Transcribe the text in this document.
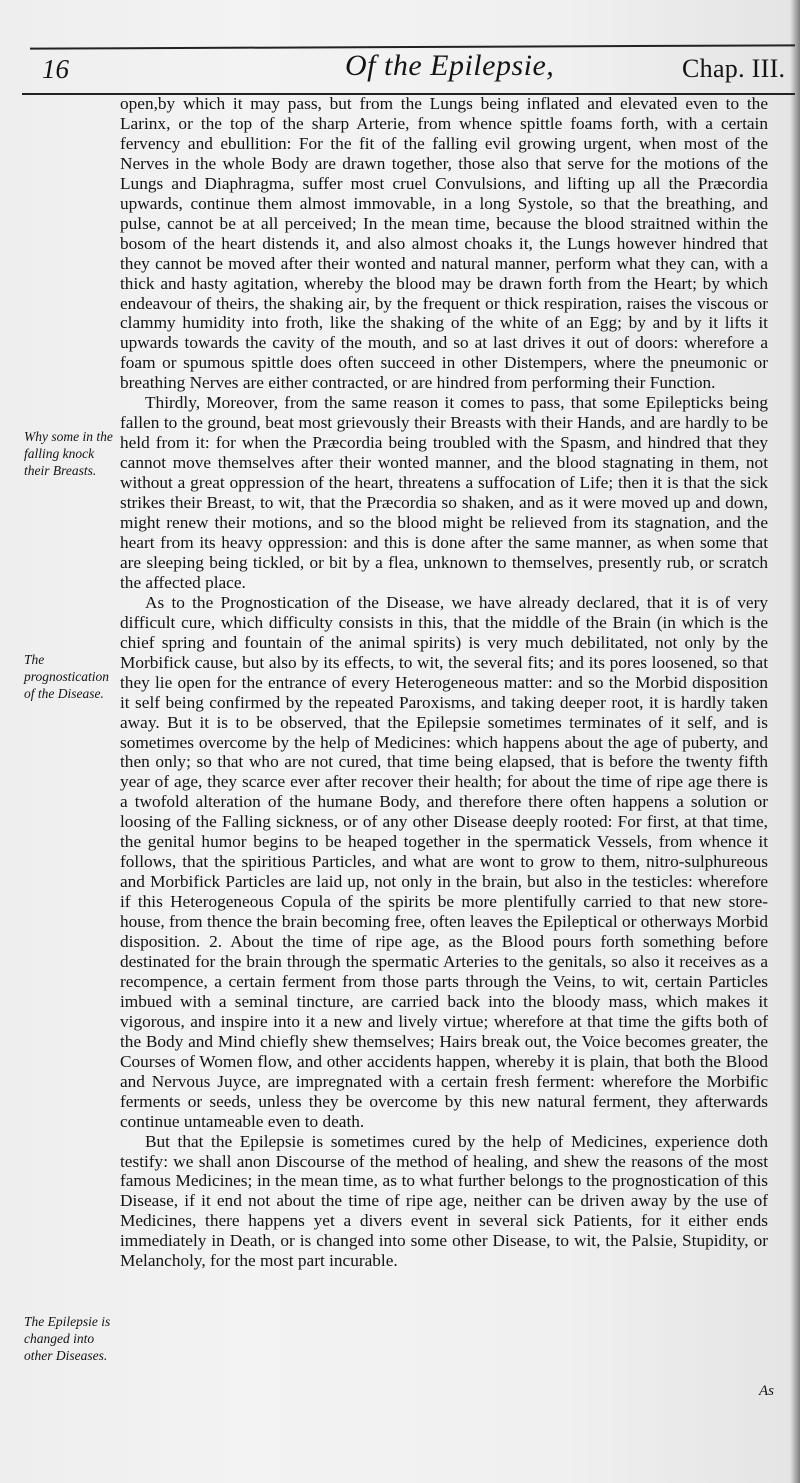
16	Of the Epilepsie,	Chap. III.
Why some in the falling knock their Breasts.
The prognostication of the Disease.
The Epilepsie is changed into other Diseases.

open,by which it may pass, but from the Lungs being inflated and elevated even to the Larinx, or the top of the sharp Arterie, from whence spittle foams forth, with a certain fervency and ebullition: For the fit of the falling evil growing urgent, when most of the Nerves in the whole Body are drawn together, those also that serve for the motions of the Lungs and Diaphragma, suffer most cruel Convulsions, and lifting up all the Præcordia upwards, continue them almost immovable, in a long Systole, so that the breathing, and pulse, cannot be at all perceived; In the mean time, because the blood straitned within the bosom of the heart distends it, and also almost choaks it, the Lungs however hindred that they cannot be moved after their wonted and natural manner, perform what they can, with a thick and hasty agitation, whereby the blood may be drawn forth from the Heart; by which endeavour of theirs, the shaking air, by the frequent or thick respiration, raises the viscous or clammy humidity into froth, like the shaking of the white of an Egg; by and by it lifts it upwards towards the cavity of the mouth, and so at last drives it out of doors: wherefore a foam or spumous spittle does often succeed in other Distempers, where the pneumonic or breathing Nerves are either contracted, or are hindred from performing their Function.

Thirdly, Moreover, from the same reason it comes to pass, that some Epilepticks being fallen to the ground, beat most grievously their Breasts with their Hands, and are hardly to be held from it: for when the Præcordia being troubled with the Spasm, and hindred that they cannot move themselves after their wonted manner, and the blood stagnating in them, not without a great oppression of the heart, threatens a suffocation of Life; then it is that the sick strikes their Breast, to wit, that the Præcordia so shaken, and as it were moved up and down, might renew their motions, and so the blood might be relieved from its stagnation, and the heart from its heavy oppression: and this is done after the same manner, as when some that are sleeping being tickled, or bit by a flea, unknown to themselves, presently rub, or scratch the affected place.

As to the Prognostication of the Disease, we have already declared, that it is of very difficult cure, which difficulty consists in this, that the middle of the Brain (in which is the chief spring and fountain of the animal spirits) is very much debilitated, not only by the Morbifick cause, but also by its effects, to wit, the several fits; and its pores loosened, so that they lie open for the entrance of every Heterogeneous matter: and so the Morbid disposition it self being confirmed by the repeated Paroxisms, and taking deeper root, it is hardly taken away. But it is to be observed, that the Epilepsie sometimes terminates of it self, and is sometimes overcome by the help of Medicines: which happens about the age of puberty, and then only; so that who are not cured, that time being elapsed, that is before the twenty fifth year of age, they scarce ever after recover their health; for about the time of ripe age there is a twofold alteration of the humane Body, and therefore there often happens a solution or loosing of the Falling sickness, or of any other Disease deeply rooted: For first, at that time, the genital humor begins to be heaped together in the spermatick Vessels, from whence it follows, that the spiritious Particles, and what are wont to grow to them, nitro-sulphureous and Morbifick Particles are laid up, not only in the brain, but also in the testicles: wherefore if this Heterogeneous Copula of the spirits be more plentifully carried to that new store-house, from thence the brain becoming free, often leaves the Epileptical or otherways Morbid disposition. 2. About the time of ripe age, as the Blood pours forth something before destinated for the brain through the spermatic Arteries to the genitals, so also it receives as a recompence, a certain ferment from those parts through the Veins, to wit, certain Particles imbued with a seminal tincture, are carried back into the bloody mass, which makes it vigorous, and inspire into it a new and lively virtue; wherefore at that time the gifts both of the Body and Mind chiefly shew themselves; Hairs break out, the Voice becomes greater, the Courses of Women flow, and other accidents happen, whereby it is plain, that both the Blood and Nervous Juyce, are impregnated with a certain fresh ferment: wherefore the Morbific ferments or seeds, unless they be overcome by this new natural ferment, they afterwards continue untameable even to death.

But that the Epilepsie is sometimes cured by the help of Medicines, experience doth testify: we shall anon Discourse of the method of healing, and shew the reasons of the most famous Medicines; in the mean time, as to what further belongs to the prognostication of this Disease, if it end not about the time of ripe age, neither can be driven away by the use of Medicines, there happens yet a divers event in several sick Patients, for it either ends immediately in Death, or is changed into some other Disease, to wit, the Palsie, Stupidity, or Melancholy, for the most part incurable.

As
